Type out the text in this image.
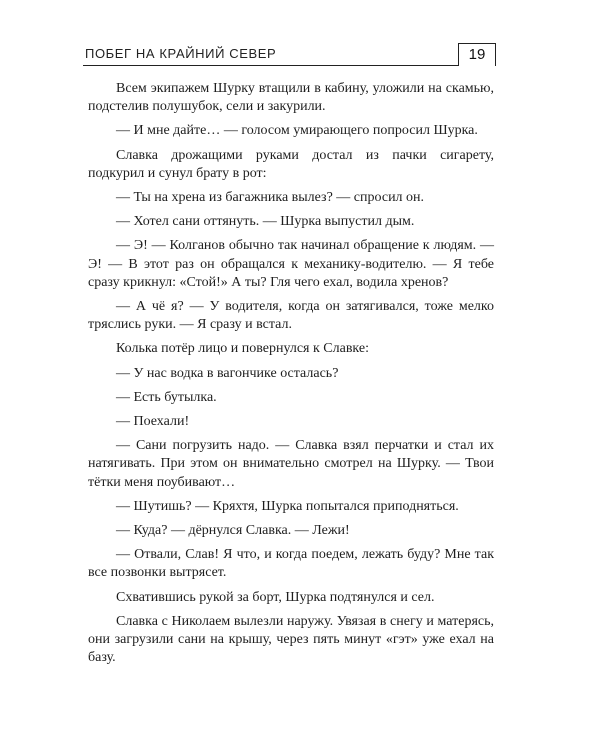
ПОБЕГ НА КРАЙНИЙ СЕВЕР	19

Всем экипажем Шурку втащили в кабину, уложили на скамью, подстелив полушубок, сели и закурили.

— И мне дайте… — голосом умирающего попросил Шурка.

Славка дрожащими руками достал из пачки сигарету, подкурил и сунул брату в рот:

— Ты на хрена из багажника вылез? — спросил он.

— Хотел сани оттянуть. — Шурка выпустил дым.

— Э! — Колганов обычно так начинал обращение к людям. — Э! — В этот раз он обращался к механику-водителю. — Я тебе сразу крикнул: «Стой!» А ты? Гля чего ехал, водила хренов?

— А чё я? — У водителя, когда он затягивался, тоже мелко тряслись руки. — Я сразу и встал.

Колька потёр лицо и повернулся к Славке:

— У нас водка в вагончике осталась?

— Есть бутылка.

— Поехали!

— Сани погрузить надо. — Славка взял перчатки и стал их натягивать. При этом он внимательно смотрел на Шурку. — Твои тётки меня поубивают…

— Шутишь? — Кряхтя, Шурка попытался приподняться.

— Куда? — дёрнулся Славка. — Лежи!

— Отвали, Слав! Я что, и когда поедем, лежать буду? Мне так все позвонки вытрясет.

Схватившись рукой за борт, Шурка подтянулся и сел.

Славка с Николаем вылезли наружу. Увязая в снегу и матерясь, они загрузили сани на крышу, через пять минут «гэт» уже ехал на базу.
